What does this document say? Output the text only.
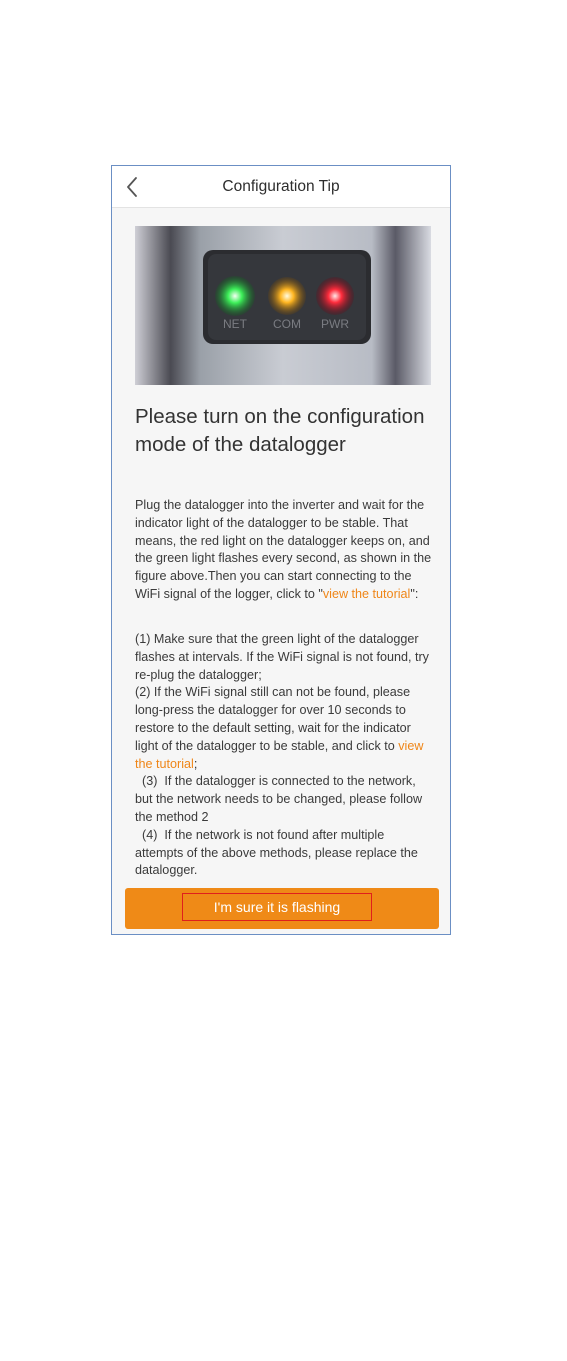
Configuration Tip
NET COM PWR
Please turn on the configuration mode of the datalogger

Plug the datalogger into the inverter and wait for the indicator light of the datalogger to be stable. That means, the red light on the datalogger keeps on, and the green light flashes every second, as shown in the figure above.Then you can start connecting to the WiFi signal of the logger, click to "view the tutorial":

(1) Make sure that the green light of the datalogger flashes at intervals. If the WiFi signal is not found, try re-plug the datalogger;
(2) If the WiFi signal still can not be found, please long-press the datalogger for over 10 seconds to restore to the default setting, wait for the indicator light of the datalogger to be stable, and click to view the tutorial;
(3)  If the datalogger is connected to the network, but the network needs to be changed, please follow the method 2
(4)  If the network is not found after multiple attempts of the above methods, please replace the datalogger.

I'm sure it is flashing
